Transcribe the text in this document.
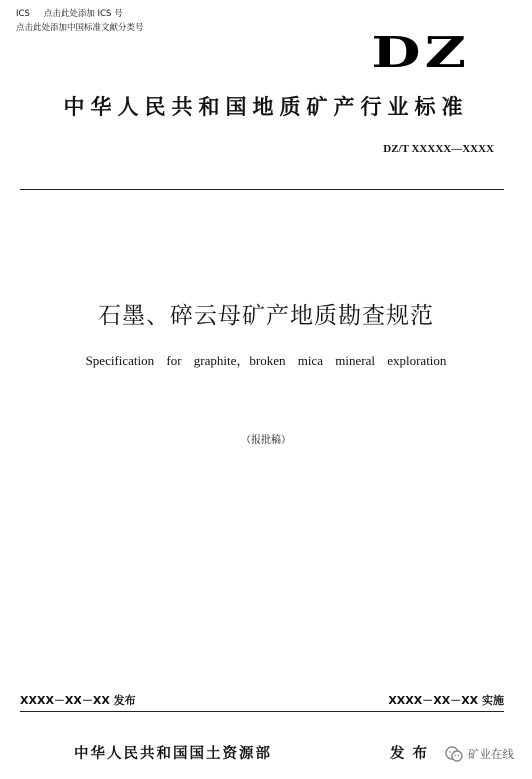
ICS 点击此处添加 ICS 号
点击此处添加中国标准文献分类号	DZ
中华人民共和国地质矿产行业标准
DZ/T XXXXX—XXXX
石墨、碎云母矿产地质勘查规范
Specification for graphite，broken mica mineral exploration
（报批稿）
XXXX－XX－XX 发布	XXXX－XX－XX 实施
中华人民共和国国土资源部	发布	矿业在线
